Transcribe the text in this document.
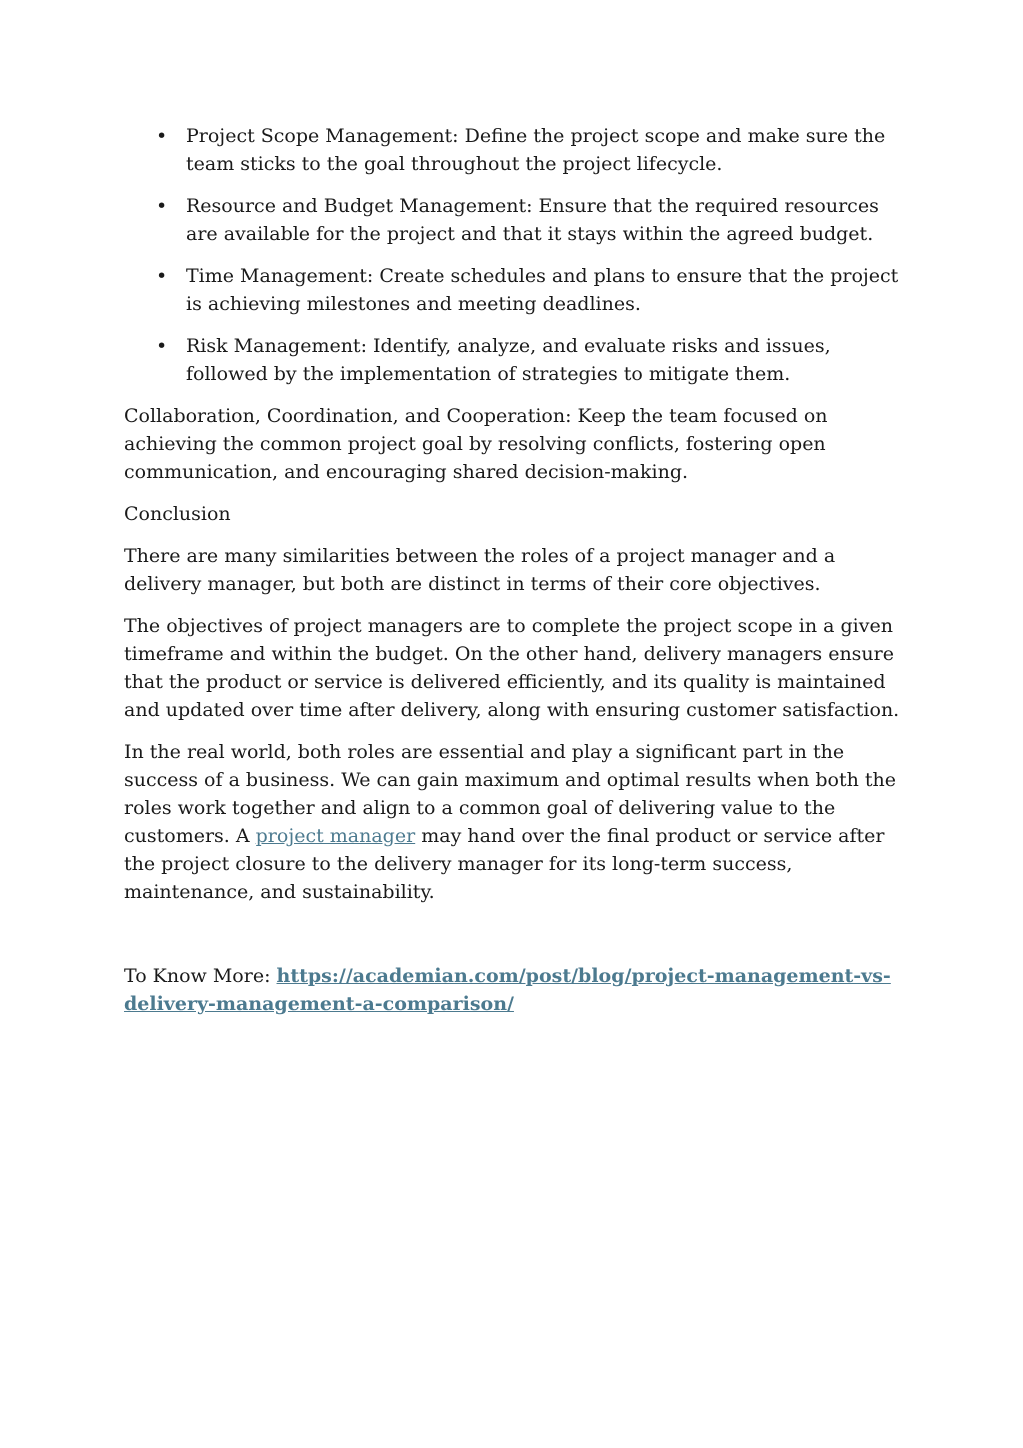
• Project Scope Management: Define the project scope and make sure the team sticks to the goal throughout the project lifecycle.
• Resource and Budget Management: Ensure that the required resources are available for the project and that it stays within the agreed budget.
• Time Management: Create schedules and plans to ensure that the project is achieving milestones and meeting deadlines.
• Risk Management: Identify, analyze, and evaluate risks and issues, followed by the implementation of strategies to mitigate them.

Collaboration, Coordination, and Cooperation: Keep the team focused on achieving the common project goal by resolving conflicts, fostering open communication, and encouraging shared decision-making.

Conclusion

There are many similarities between the roles of a project manager and a delivery manager, but both are distinct in terms of their core objectives.

The objectives of project managers are to complete the project scope in a given timeframe and within the budget. On the other hand, delivery managers ensure that the product or service is delivered efficiently, and its quality is maintained and updated over time after delivery, along with ensuring customer satisfaction.

In the real world, both roles are essential and play a significant part in the success of a business. We can gain maximum and optimal results when both the roles work together and align to a common goal of delivering value to the customers. A project manager may hand over the final product or service after the project closure to the delivery manager for its long-term success, maintenance, and sustainability.

To Know More: https://academian.com/post/blog/project-management-vs-delivery-management-a-comparison/
